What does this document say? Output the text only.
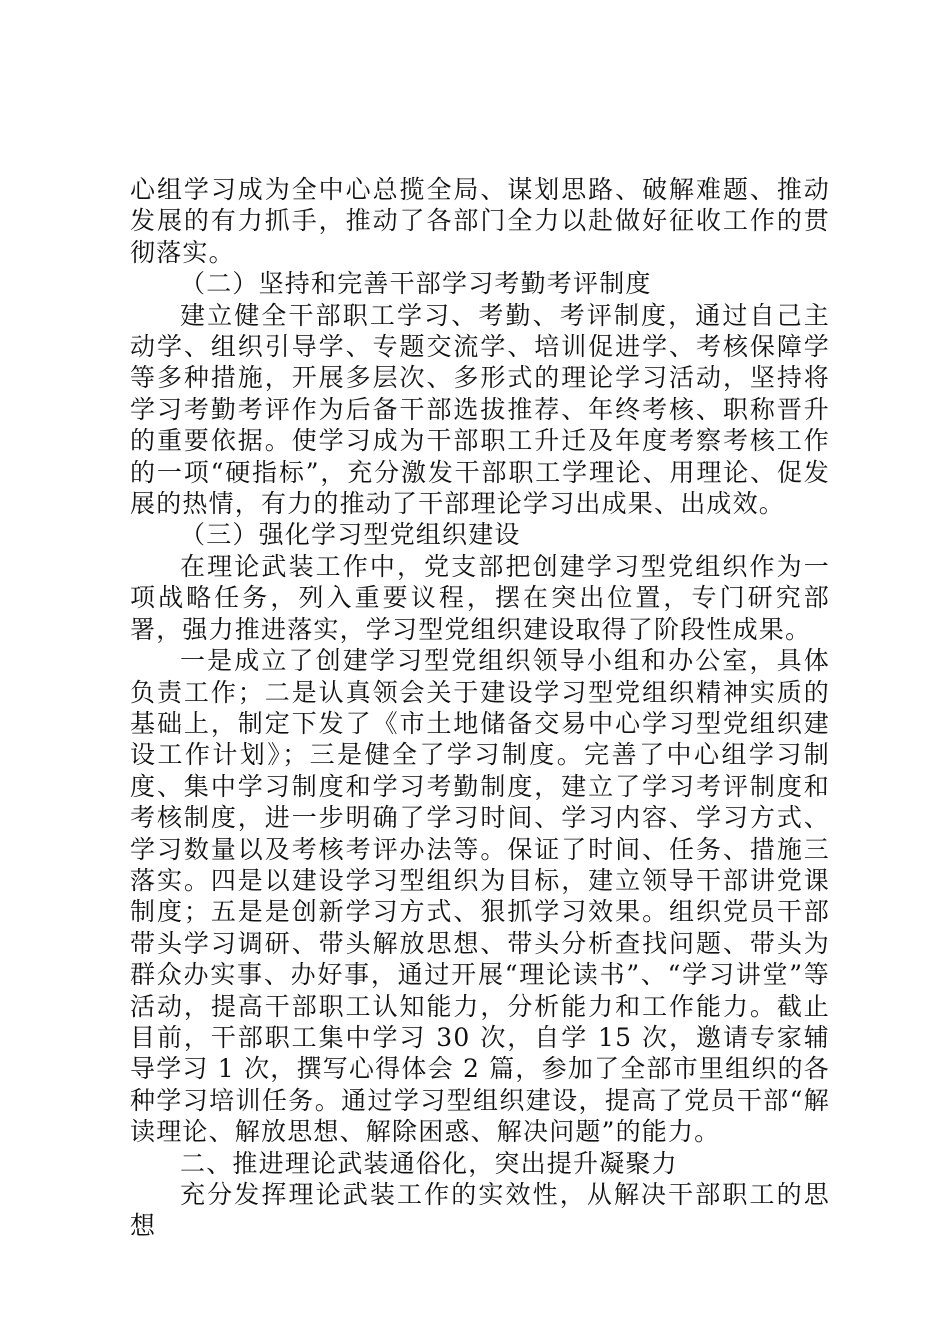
心组学习成为全中心总揽全局、谋划思路、破解难题、推动发展的有力抓手，推动了各部门全力以赴做好征收工作的贯彻落实。

（二）坚持和完善干部学习考勤考评制度

建立健全干部职工学习、考勤、考评制度，通过自己主动学、组织引导学、专题交流学、培训促进学、考核保障学等多种措施，开展多层次、多形式的理论学习活动，坚持将学习考勤考评作为后备干部选拔推荐、年终考核、职称晋升的重要依据。使学习成为干部职工升迁及年度考察考核工作的一项“硬指标”，充分激发干部职工学理论、用理论、促发展的热情，有力的推动了干部理论学习出成果、出成效。

（三）强化学习型党组织建设

在理论武装工作中，党支部把创建学习型党组织作为一项战略任务，列入重要议程，摆在突出位置，专门研究部署，强力推进落实，学习型党组织建设取得了阶段性成果。

一是成立了创建学习型党组织领导小组和办公室，具体负责工作；二是认真领会关于建设学习型党组织精神实质的基础上，制定下发了《市土地储备交易中心学习型党组织建设工作计划》；三是健全了学习制度。完善了中心组学习制度、集中学习制度和学习考勤制度，建立了学习考评制度和考核制度，进一步明确了学习时间、学习内容、学习方式、学习数量以及考核考评办法等。保证了时间、任务、措施三落实。四是以建设学习型组织为目标，建立领导干部讲党课制度；五是是创新学习方式、狠抓学习效果。组织党员干部带头学习调研、带头解放思想、带头分析查找问题、带头为群众办实事、办好事，通过开展“理论读书”、“学习讲堂”等活动，提高干部职工认知能力，分析能力和工作能力。截止目前，干部职工集中学习 30 次，自学 15 次，邀请专家辅导学习 1 次，撰写心得体会 2 篇，参加了全部市里组织的各种学习培训任务。通过学习型组织建设，提高了党员干部“解读理论、解放思想、解除困惑、解决问题”的能力。

二、推进理论武装通俗化，突出提升凝聚力

充分发挥理论武装工作的实效性，从解决干部职工的思想
